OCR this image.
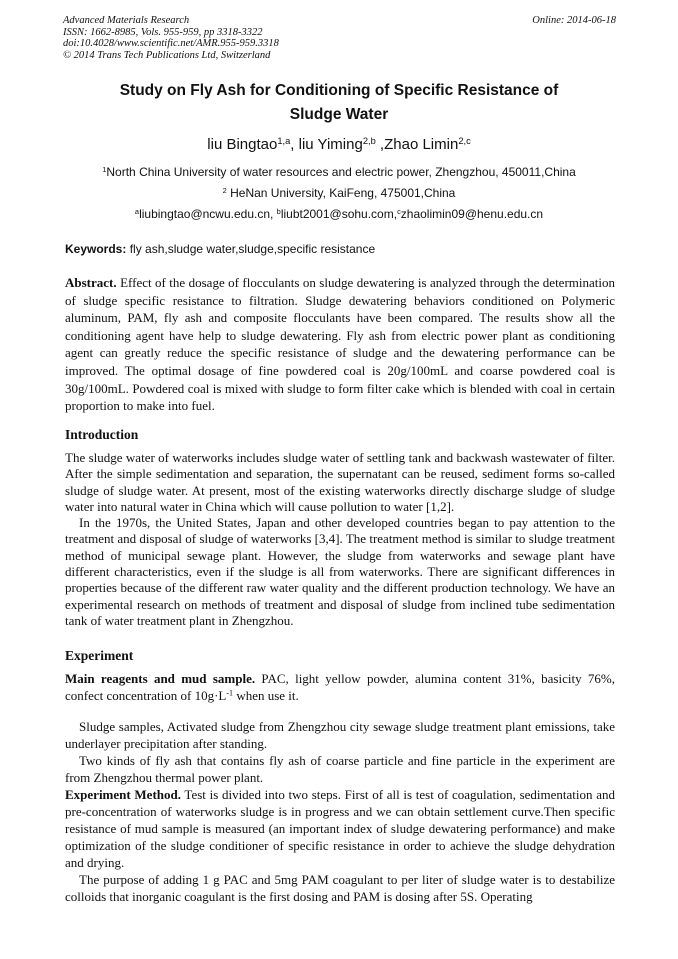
Advanced Materials Research
ISSN: 1662-8985, Vols. 955-959, pp 3318-3322
doi:10.4028/www.scientific.net/AMR.955-959.3318
© 2014 Trans Tech Publications Ltd, Switzerland
Online: 2014-06-18
Study on Fly Ash for Conditioning of Specific Resistance of
Sludge Water
liu Bingtao$^{1,a}$, liu Yiming$^{2,b}$ ,Zhao Limin$^{2,c}$
$^1$North China University of water resources and electric power, Zhengzhou, 450011,China
$^2$ HeNan University, KaiFeng, 475001,China
$^a$liubingtao@ncwu.edu.cn, $^b$liubt2001@sohu.com,$^c$zhaolimin09@henu.edu.cn
Keywords: fly ash,sludge water,sludge,specific resistance

Abstract. Effect of the dosage of flocculants on sludge dewatering is analyzed through the determination of sludge specific resistance to filtration. Sludge dewatering behaviors conditioned on Polymeric aluminum, PAM, fly ash and composite flocculants have been compared. The results show all the conditioning agent have help to sludge dewatering. Fly ash from electric power plant as conditioning agent can greatly reduce the specific resistance of sludge and the dewatering performance can be improved. The optimal dosage of fine powdered coal is 20g/100mL and coarse powdered coal is 30g/100mL. Powdered coal is mixed with sludge to form filter cake which is blended with coal in certain proportion to make into fuel.

Introduction

The sludge water of waterworks includes sludge water of settling tank and backwash wastewater of filter. After the simple sedimentation and separation, the supernatant can be reused, sediment forms so-called sludge of sludge water. At present, most of the existing waterworks directly discharge sludge of sludge water into natural water in China which will cause pollution to water [1,2].

In the 1970s, the United States, Japan and other developed countries began to pay attention to the treatment and disposal of sludge of waterworks [3,4]. The treatment method is similar to sludge treatment method of municipal sewage plant. However, the sludge from waterworks and sewage plant have different characteristics, even if the sludge is all from waterworks. There are significant differences in properties because of the different raw water quality and the different production technology. We have an experimental research on methods of treatment and disposal of sludge from inclined tube sedimentation tank of water treatment plant in Zhengzhou.

Experiment
Main reagents and mud sample. PAC, light yellow powder, alumina content 31%, basicity 76%, confect concentration of $10g\cdot L^{-1}$ when use it.

Sludge samples, Activated sludge from Zhengzhou city sewage sludge treatment plant emissions, take underlayer precipitation after standing.

Two kinds of fly ash that contains fly ash of coarse particle and fine particle in the experiment are from Zhengzhou thermal power plant.

Experiment Method. Test is divided into two steps. First of all is test of coagulation, sedimentation and pre-concentration of waterworks sludge is in progress and we can obtain settlement curve.Then specific resistance of mud sample is measured (an important index of sludge dewatering performance) and make optimization of the sludge conditioner of specific resistance in order to achieve the sludge dehydration and drying.

The purpose of adding 1 g PAC and 5mg PAM coagulant to per liter of sludge water is to destabilize colloids that inorganic coagulant is the first dosing and PAM is dosing after 5S. Operating
